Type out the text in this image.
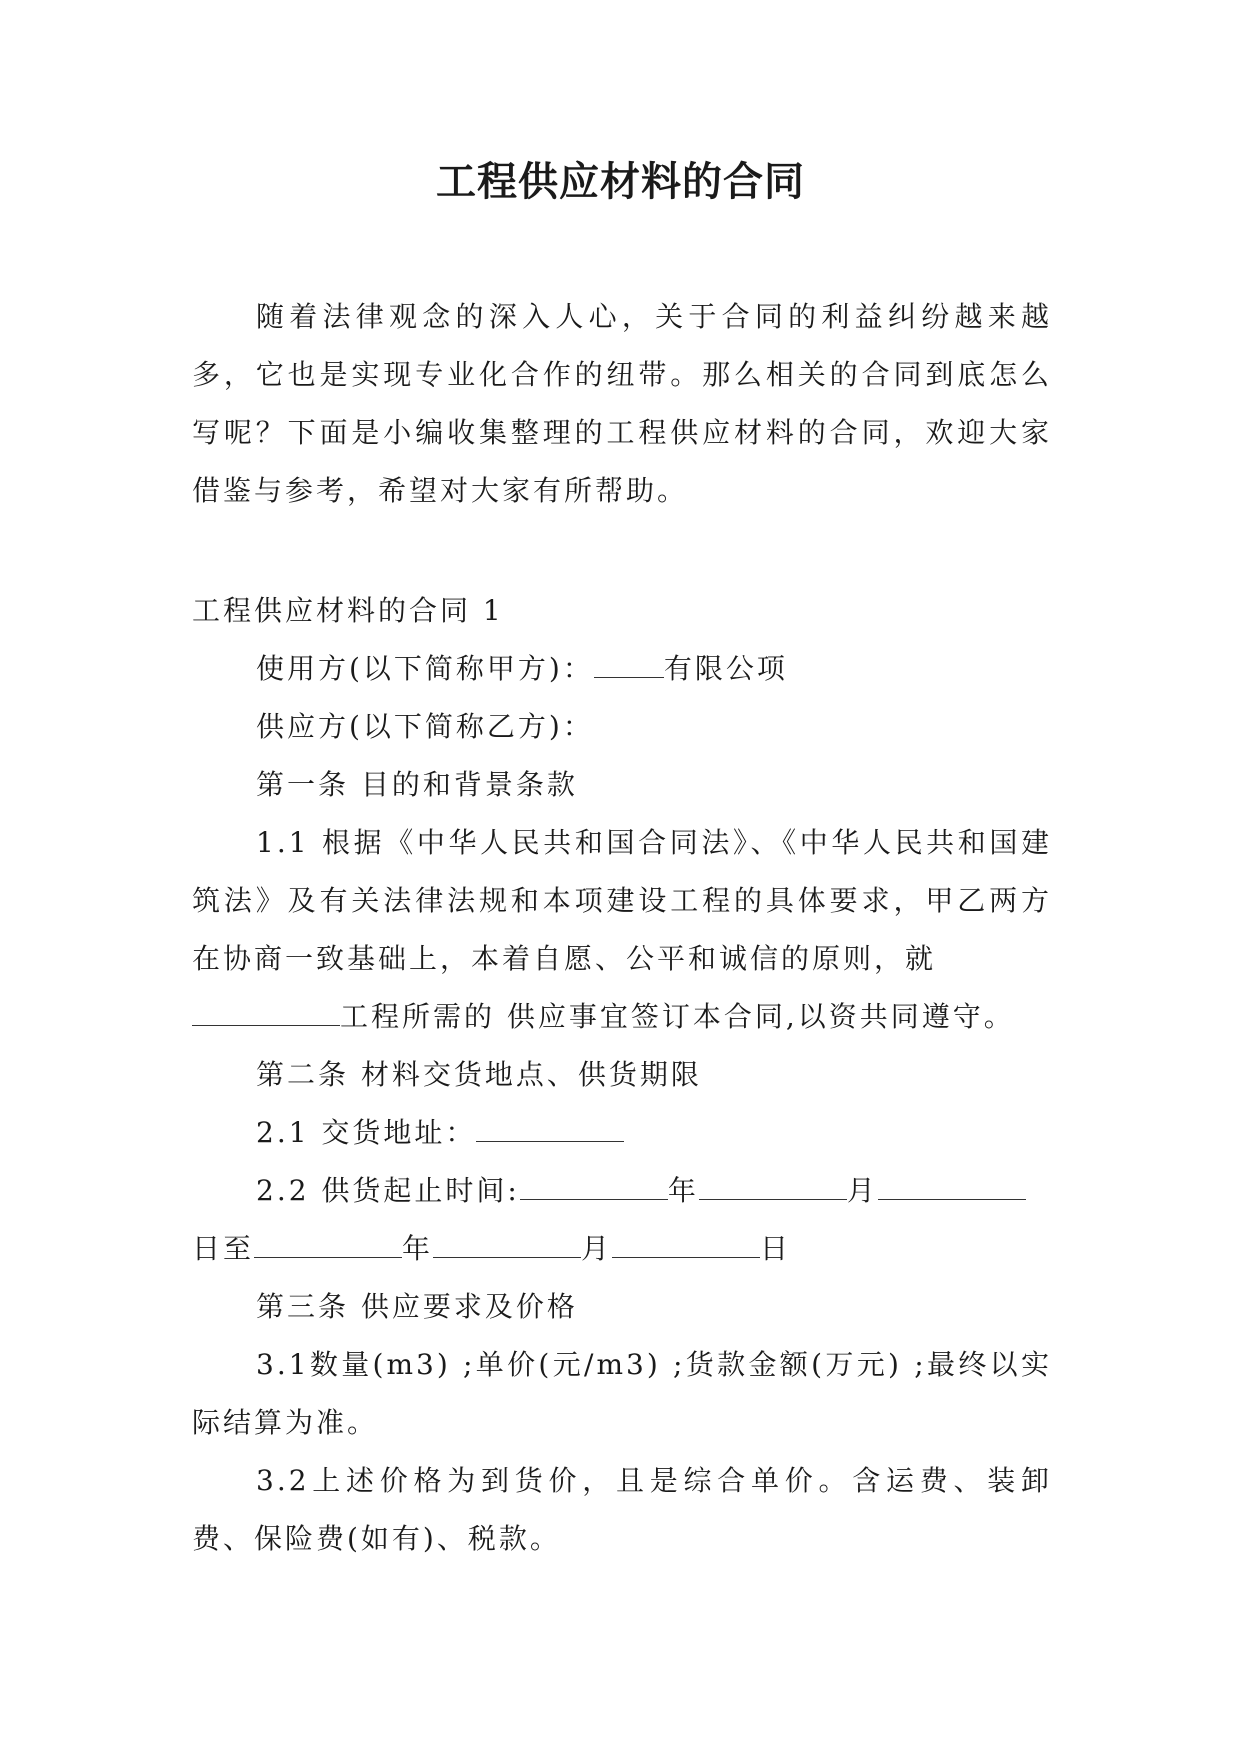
工程供应材料的合同

随着法律观念的深入人心，关于合同的利益纠纷越来越多，它也是实现专业化合作的纽带。那么相关的合同到底怎么写呢？下面是小编收集整理的工程供应材料的合同，欢迎大家借鉴与参考，希望对大家有所帮助。

工程供应材料的合同 1

使用方(以下简称甲方)：	有限公项

供应方(以下简称乙方)：

第一条 目的和背景条款

1.1 根据《中华人民共和国合同法》、《中华人民共和国建筑法》及有关法律法规和本项建设工程的具体要求，甲乙两方在协商一致基础上，本着自愿、公平和诚信的原则，就

工程所需的 供应事宜签订本合同,以资共同遵守。

第二条 材料交货地点、供货期限

2.1 交货地址：

2.2 供货起止时间:	年	月

日至	年	月	日

第三条 供应要求及价格

3.1数量(m3) ;单价(元/m3) ;货款金额(万元) ;最终以实际结算为准。

3.2上述价格为到货价，且是综合单价。含运费、装卸费、保险费(如有)、税款。
